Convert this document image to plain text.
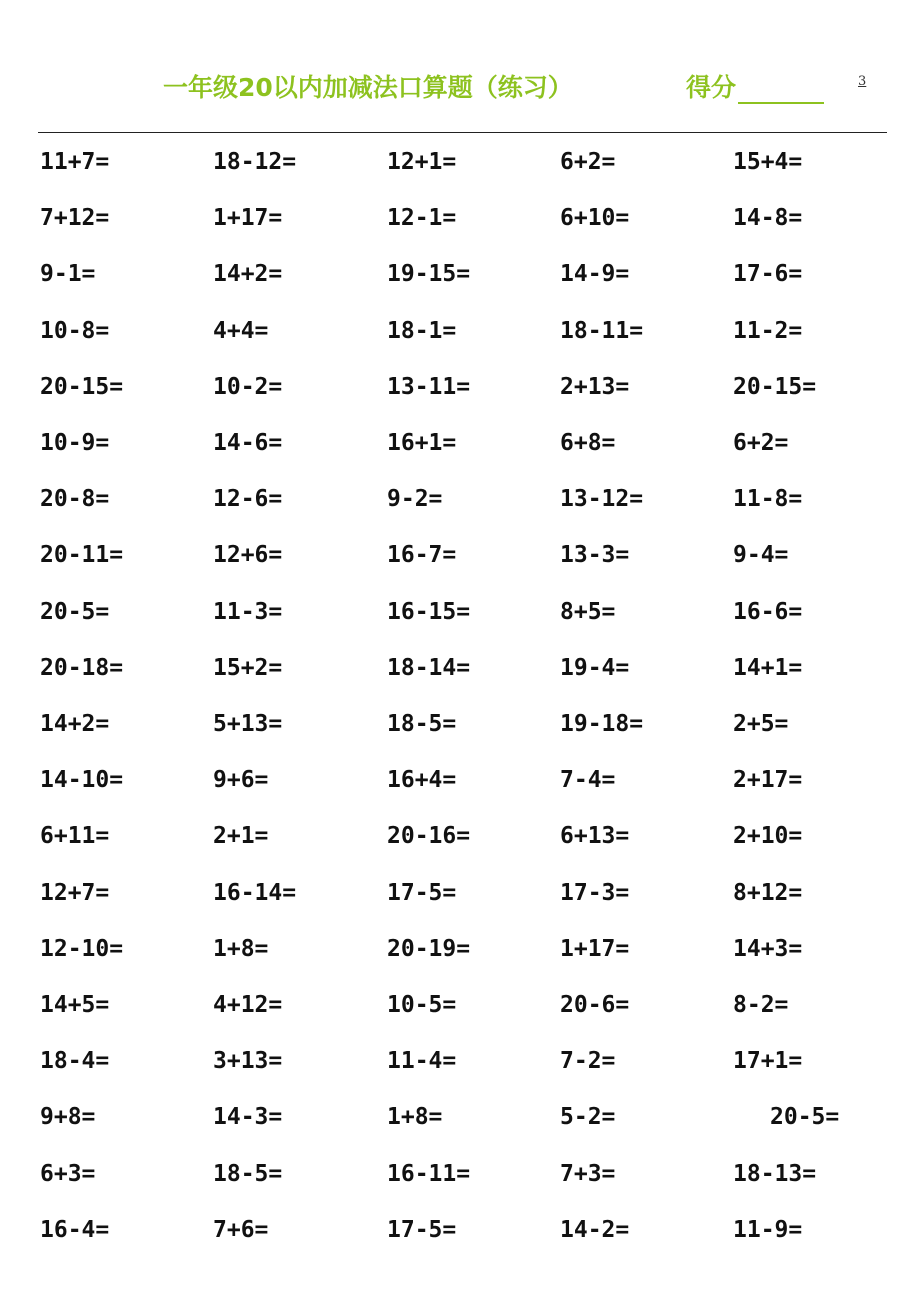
一年级20以内加减法口算题（练习）	得分	3
11+7=	18-12=	12+1=	6+2=	15+4=
7+12=	1+17=	12-1=	6+10=	14-8=
9-1=	14+2=	19-15=	14-9=	17-6=
10-8=	4+4=	18-1=	18-11=	11-2=
20-15=	10-2=	13-11=	2+13=	20-15=
10-9=	14-6=	16+1=	6+8=	6+2=
20-8=	12-6=	9-2=	13-12=	11-8=
20-11=	12+6=	16-7=	13-3=	9-4=
20-5=	11-3=	16-15=	8+5=	16-6=
20-18=	15+2=	18-14=	19-4=	14+1=
14+2=	5+13=	18-5=	19-18=	2+5=
14-10=	9+6=	16+4=	7-4=	2+17=
6+11=	2+1=	20-16=	6+13=	2+10=
12+7=	16-14=	17-5=	17-3=	8+12=
12-10=	1+8=	20-19=	1+17=	14+3=
14+5=	4+12=	10-5=	20-6=	8-2=
18-4=	3+13=	11-4=	7-2=	17+1=
9+8=	14-3=	1+8=	5-2=	20-5=
6+3=	18-5=	16-11=	7+3=	18-13=
16-4=	7+6=	17-5=	14-2=	11-9=
